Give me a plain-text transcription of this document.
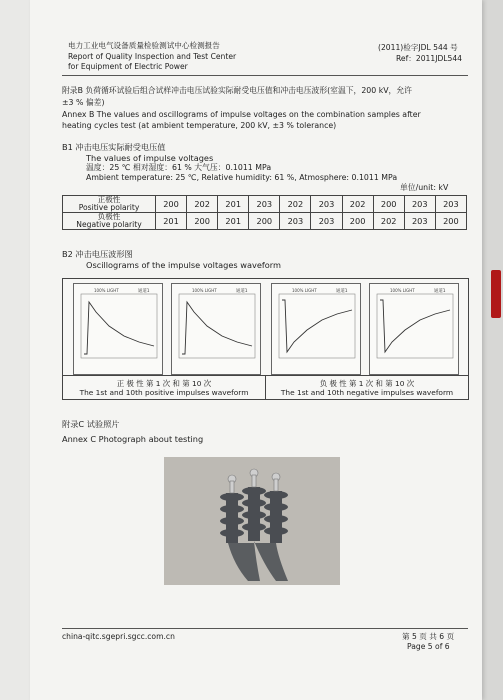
电力工业电气设备质量检验测试中心检测报告
Report of Quality Inspection and Test Center
for Equipment of Electric Power
(2011)检字JDL 544 号
Ref：2011JDL544
附录B 负荷循环试验后组合试样冲击电压试验实际耐受电压值和冲击电压波形(室温下，200 kV，允许
±3 % 偏差)
Annex B The values and oscillograms of impulse voltages on the combination samples after
heating cycles test (at ambient temperature, 200 kV, ±3 % tolerance)
B1 冲击电压实际耐受电压值
The values of impulse voltages
温度：25 ℃ 相对湿度：61 % 大气压：0.1011 MPa
Ambient temperature: 25 ℃, Relative humidity: 61 %, Atmosphere: 0.1011 MPa
单位/unit: kV
正极性
Positive polarity	200	202	201	203	202	203	202	200	203	203
负极性
Negative polarity	201	200	201	200	203	203	200	202	203	200
B2 冲击电压波形图
Oscillograms of the impulse voltages waveform
100% LIGHT	通道1	100% LIGHT	通道1	100% LIGHT	通道1	100% LIGHT	通道1
正 极 性 第 1 次 和 第 10 次
The 1st and 10th positive impulses waveform
负 极 性 第 1 次 和 第 10 次
The 1st and 10th negative impulses waveform
附录C 试验照片
Annex C Photograph about testing
china-qitc.sgepri.sgcc.com.cn	第 5 页 共 6 页
Page 5 of 6
